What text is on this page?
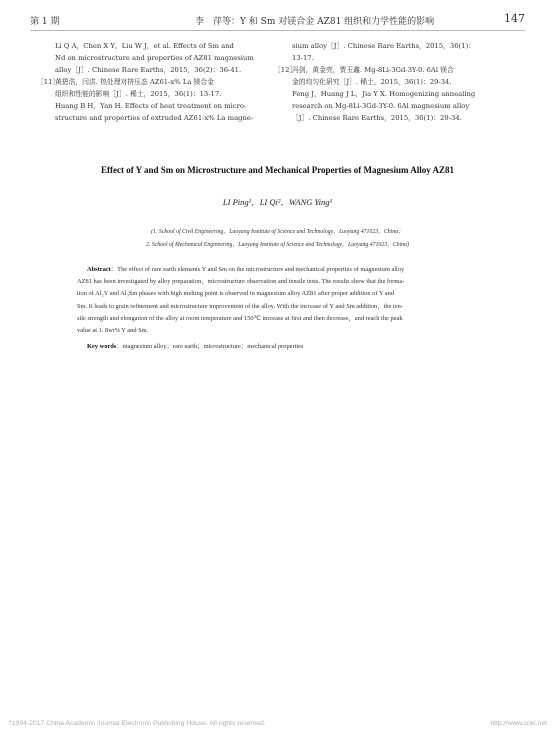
第 1 期	李　萍等：Y 和 Sm 对镁合金 AZ81 组织和力学性能的影响	147
Li Q A，Chen X Y，Liu W J，et al. Effects of Sm and
Nd on microstructure and properties of AZ81 magnesium
alloy［J］. Chinese Rare Earths，2015，36(2)：36-41.
［11］
黄碧浩，闫洪. 热处理对挤压态 AZ61-x% La 镁合金
组织和性能的影响［J］. 稀土，2015，36(1)：13-17.
Huang B H，Yan H. Effects of heat treatment on micro-
structure and properties of extruded AZ61-x% La magne-
sium alloy［J］. Chinese Rare Earths，2015，36(1)：
13-17.
［12］
冯剑，黄金亮，贾玉鑫. Mg-8Li-3Gd-3Y-0. 6Al 镁合
金的均匀化研究［J］. 稀土，2015，36(1)：29-34.
Feng J，Huang J L，Jia Y X. Homogenizing annealing
research on Mg-8Li-3Gd-3Y-0. 6Al magnesium alloy
［J］. Chinese Rare Earths，2015，36(1)：29-34.
Effect of Y and Sm on Microstructure and Mechanical Properties of Magnesium Alloy AZ81
LI Ping¹，LI Qi²，WANG Ying¹
(1. School of Civil Engineering，Luoyang Institute of Science and Technology，Luoyang 471023，China；
2. School of Mechanical Engineering，Luoyang Institute of Science and Technology，Luoyang 471023，China)
Abstract：The effect of rare earth elements Y and Sm on the microstructure and mechanical properties of magnesium alloy
AZ81 has been investigated by alloy preparation，microstructure observation and tensile tests. The results show that the forma-
tion of Al₂Y and Al₃Sm phases with high melting point is observed in magnesium alloy AZ81 after proper addition of Y and
Sm. It leads to grain refinement and microstructure improvement of the alloy. With the increase of Y and Sm addition，the ten-
sile strength and elongation of the alloy at room temperature and 150℃ increase at first and then decrease，and reach the peak
value at 1. 8wt% Y and Sm.
Key words：magnesium alloy；rare earth；microstructure；mechanical properties
?1994-2017 China Academic Journal Electronic Publishing House. All rights reserved.	http://www.cnki.net
